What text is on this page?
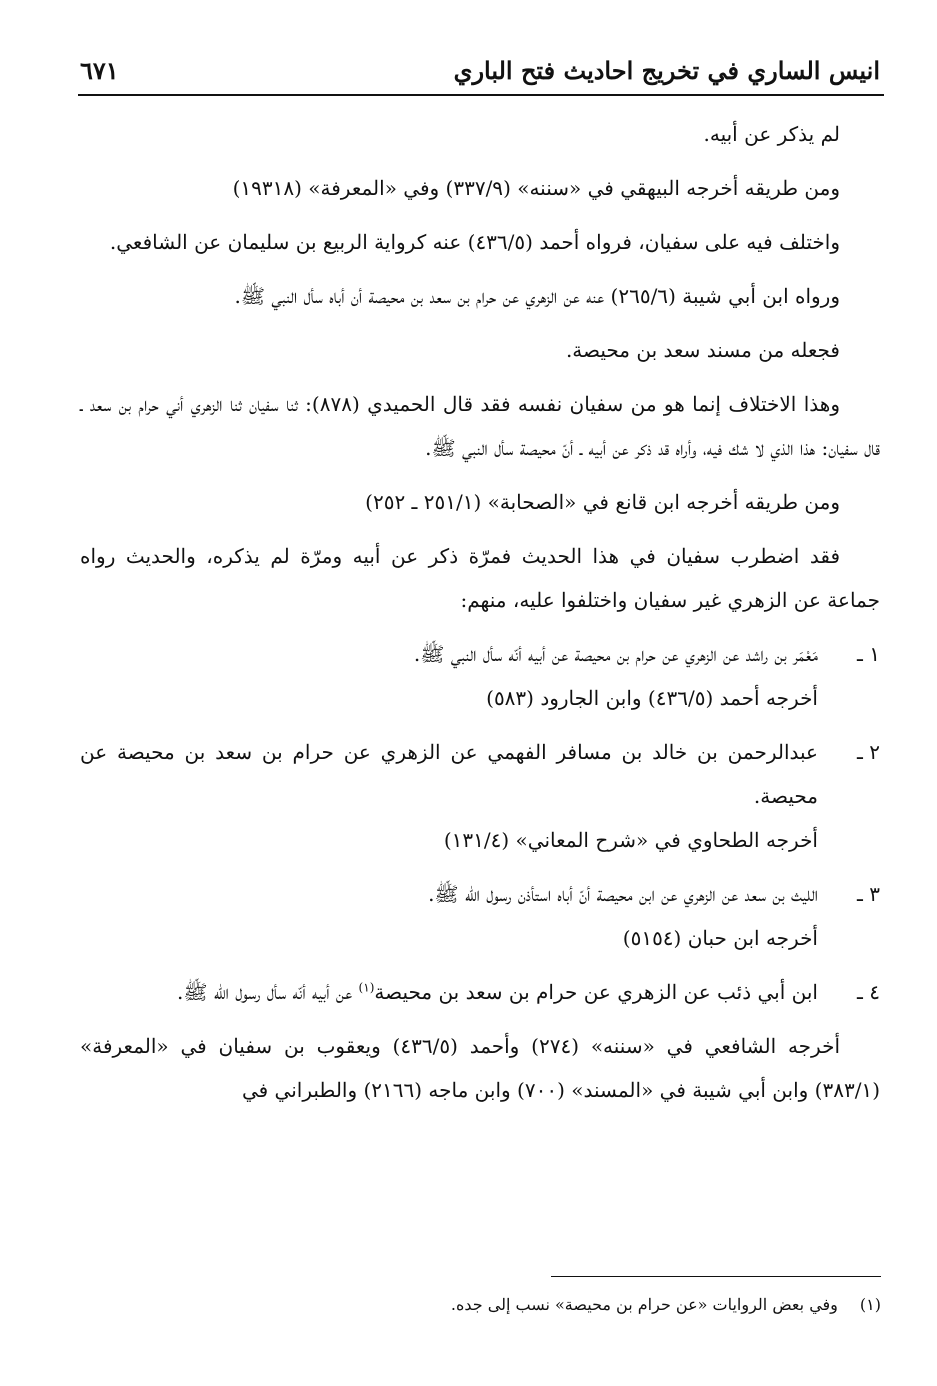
انيس الساري في تخريج احاديث فتح الباري
٦٧١

لم يذكر عن أبيه.

ومن طريقه أخرجه البيهقي في «سننه» (٣٣٧/٩) وفي «المعرفة» (١٩٣١٨)

واختلف فيه على سفيان، فرواه أحمد (٤٣٦/٥) عنه كرواية الربيع بن سليمان عن الشافعي.

ورواه ابن أبي شيبة (٢٦٥/٦) عنه عن الزهري عن حرام بن سعد بن محيصة أن أباه سأل النبي ﷺ.

فجعله من مسند سعد بن محيصة.

وهذا الاختلاف إنما هو من سفيان نفسه فقد قال الحميدي (٨٧٨): ثنا سفيان ثنا الزهري أني حرام بن سعد ـ قال سفيان: هذا الذي لا شك فيه، وأراه قد ذكر عن أبيه ـ أنّ محيصة سأل النبي ﷺ.

ومن طريقه أخرجه ابن قانع في «الصحابة» (٢٥١/١ ـ ٢٥٢)

فقد اضطرب سفيان في هذا الحديث فمرّة ذكر عن أبيه ومرّة لم يذكره، والحديث رواه جماعة عن الزهري غير سفيان واختلفوا عليه، منهم:

١ ـ

مَعْمَر بن راشد عن الزهري عن حرام بن محيصة عن أبيه أنّه سأل النبي ﷺ.

أخرجه أحمد (٤٣٦/٥) وابن الجارود (٥٨٣)

٢ ـ

عبدالرحمن بن خالد بن مسافر الفهمي عن الزهري عن حرام بن سعد بن محيصة عن محيصة.

أخرجه الطحاوي في «شرح المعاني» (١٣١/٤)

٣ ـ

الليث بن سعد عن الزهري عن ابن محيصة أنّ أباه استأذن رسول الله ﷺ.

أخرجه ابن حبان (٥١٥٤)

٤ ـ

ابن أبي ذئب عن الزهري عن حرام بن سعد بن محيصة$^{(١)}$ عن أبيه أنّه سأل رسول الله ﷺ.

أخرجه الشافعي في «سننه» (٢٧٤) وأحمد (٤٣٦/٥) ويعقوب بن سفيان في «المعرفة» (٣٨٣/١) وابن أبي شيبة في «المسند» (٧٠٠) وابن ماجه (٢١٦٦) والطبراني في

(١)وفي بعض الروايات «عن حرام بن محيصة» نسب إلى جده.
